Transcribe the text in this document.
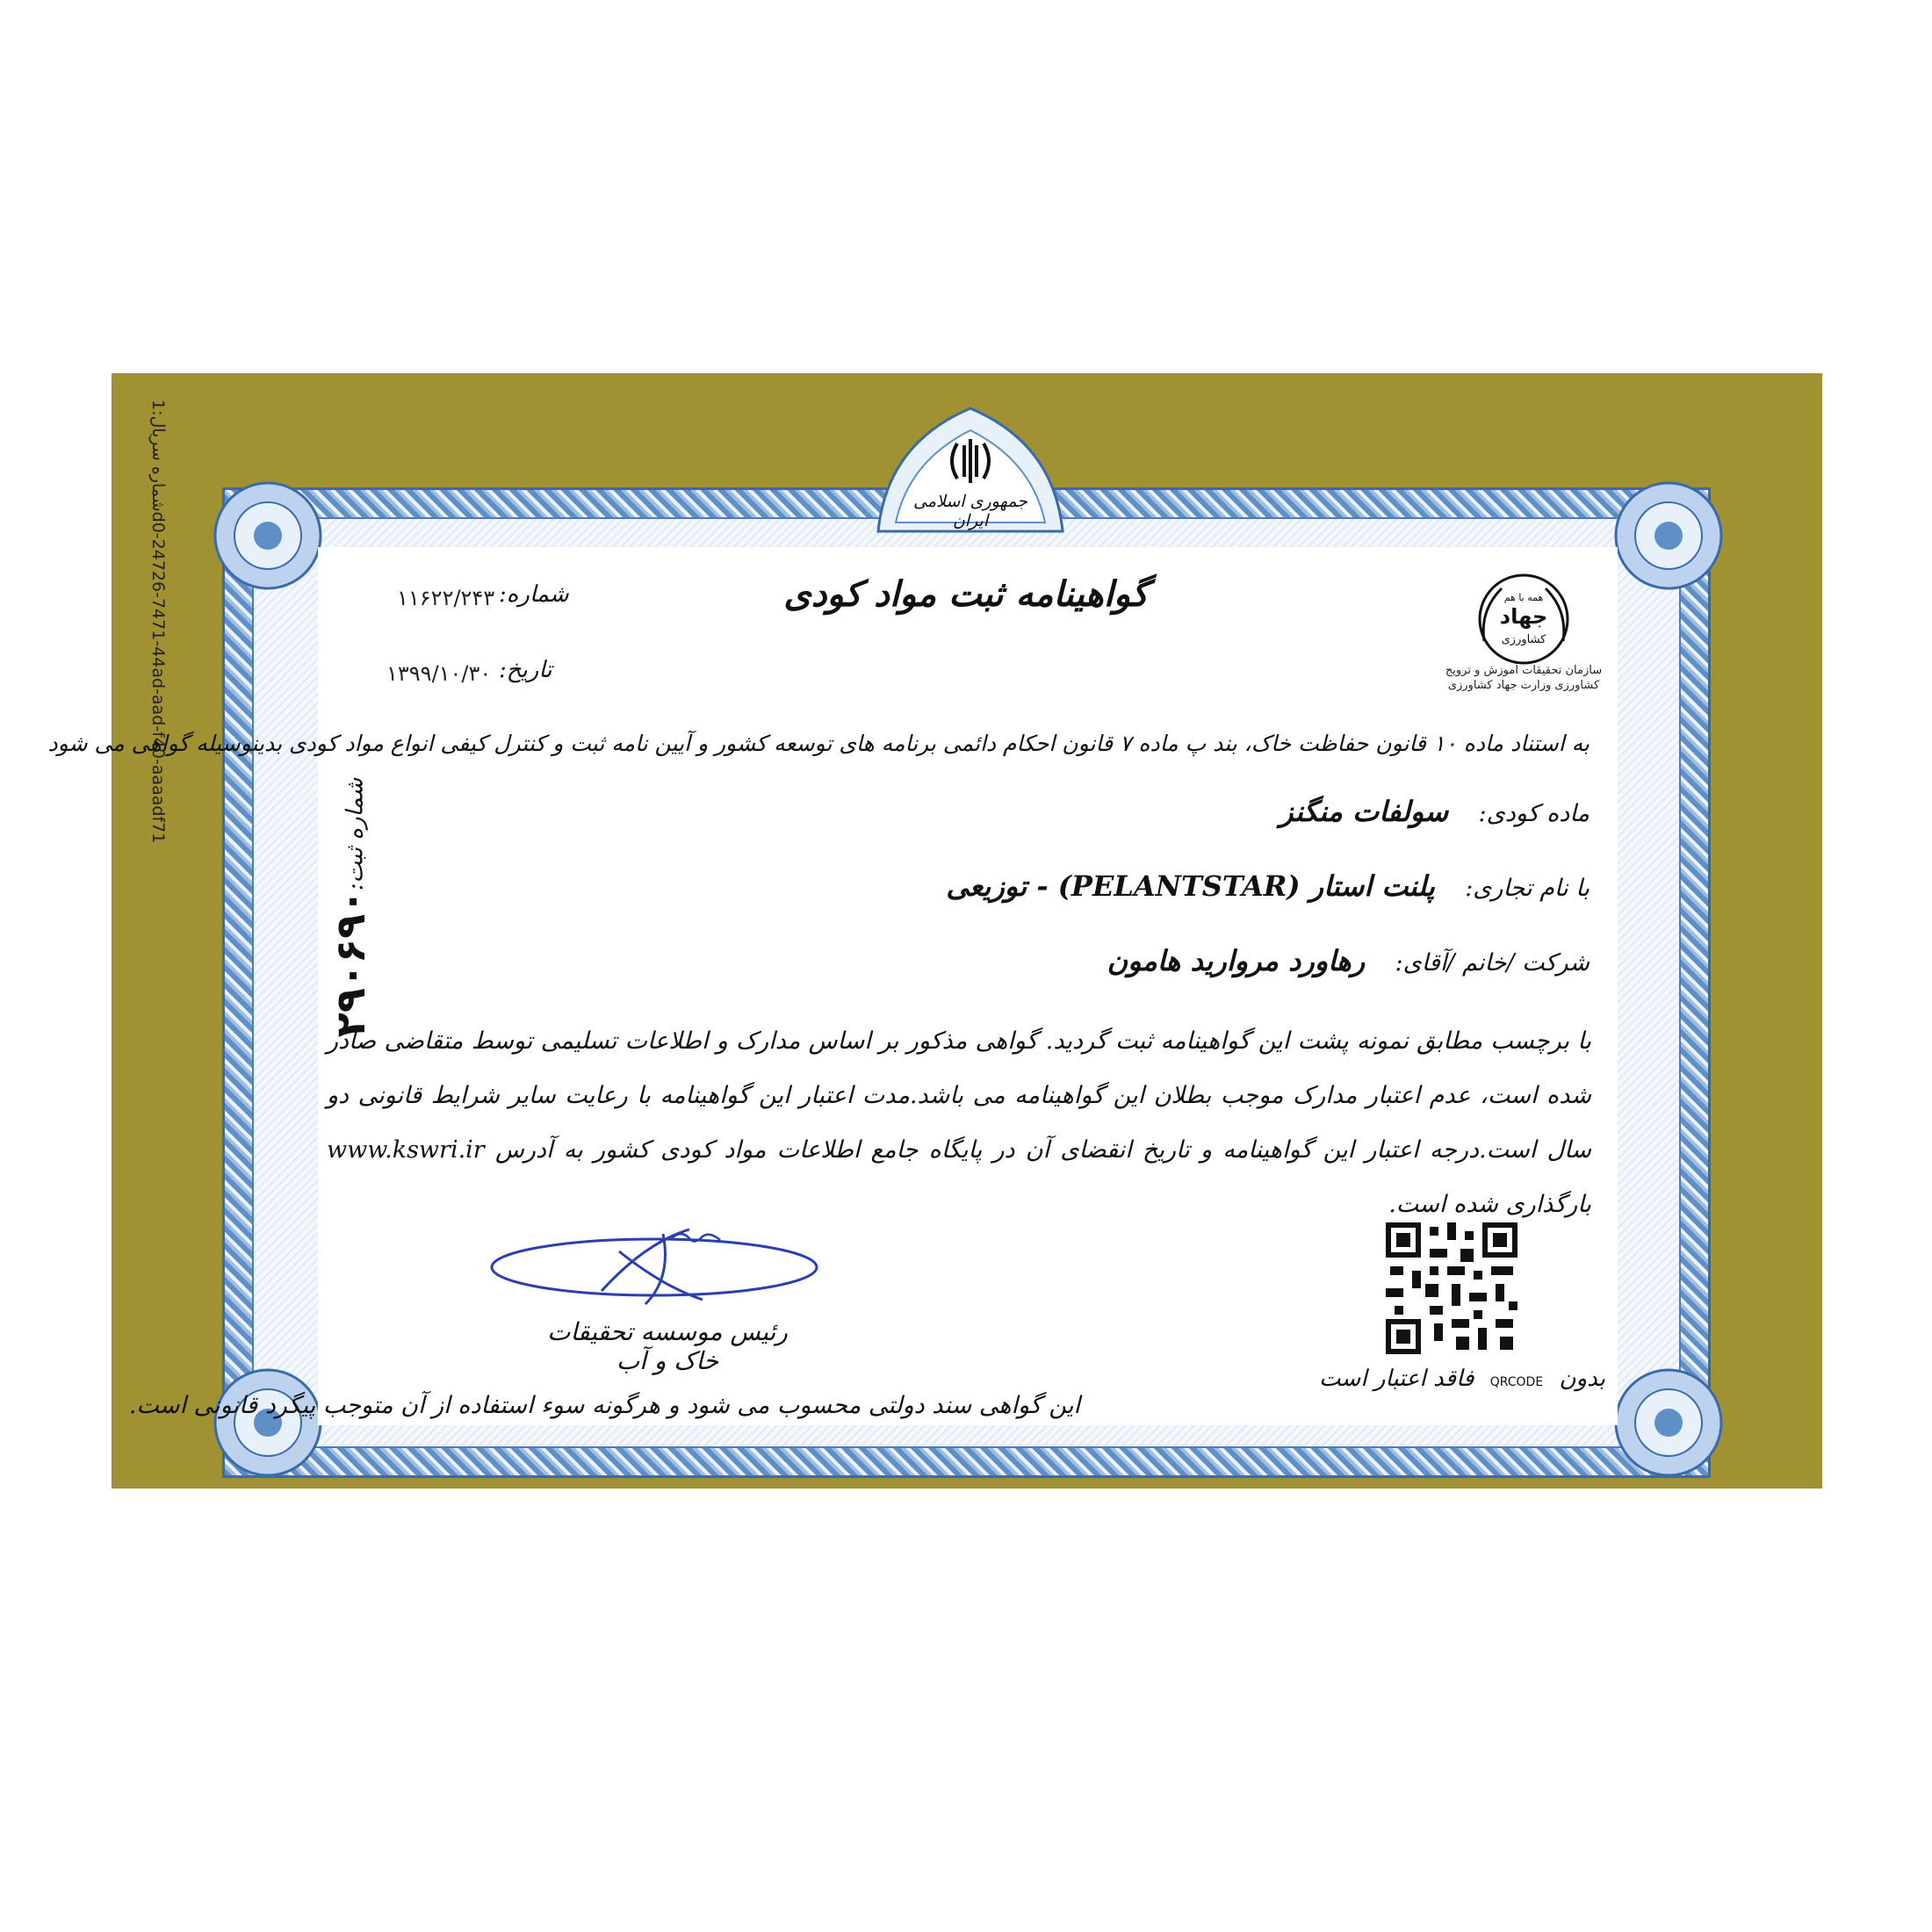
شماره سریال:1d0-24726-7471-44ad-aad-f40-aaaadf71
جمهوری اسلامی ایران
همه با هم
جهاد
کشاورزی
سازمان تحقیقات آموزش و ترویج
کشاورزی وزارت جهاد کشاورزی
گواهینامه ثبت مواد کودی
شماره:
۱۱۶۲۲/۲۴۳
تاریخ:
۱۳۹۹/۱۰/۳۰
به استناد ماده ۱۰ قانون حفاظت خاک، بند پ ماده ۷ قانون احکام دائمی برنامه های توسعه کشور و آیین نامه ثبت و کنترل کیفی انواع مواد کودی بدینوسیله گواهی می شود
ماده کودی: سولفات منگنز
با نام تجاری: پلنت استار (PELANTSTAR) - توزیعی
شرکت /خانم /آقای: رهاورد مروارید هامون
با برچسب مطابق نمونه پشت این گواهینامه ثبت گردید. گواهی مذکور بر اساس مدارک و اطلاعات تسلیمی توسط متقاضی صادر شده است، عدم اعتبار مدارک موجب بطلان این گواهینامه می باشد.مدت اعتبار این گواهینامه با رعایت سایر شرایط قانونی دو سال است.درجه اعتبار این گواهینامه و تاریخ انقضای آن در پایگاه جامع اطلاعات مواد کودی کشور به آدرس www.kswri.ir بارگذاری شده است.
شماره ثبت:
۲۹۰۶۹۰
رئیس موسسه تحقیقات خاک و آب
بدون QRCODE فاقد اعتبار است
این گواهی سند دولتی محسوب می شود و هرگونه سوء استفاده از آن متوجب پیگرد قانونی است.
